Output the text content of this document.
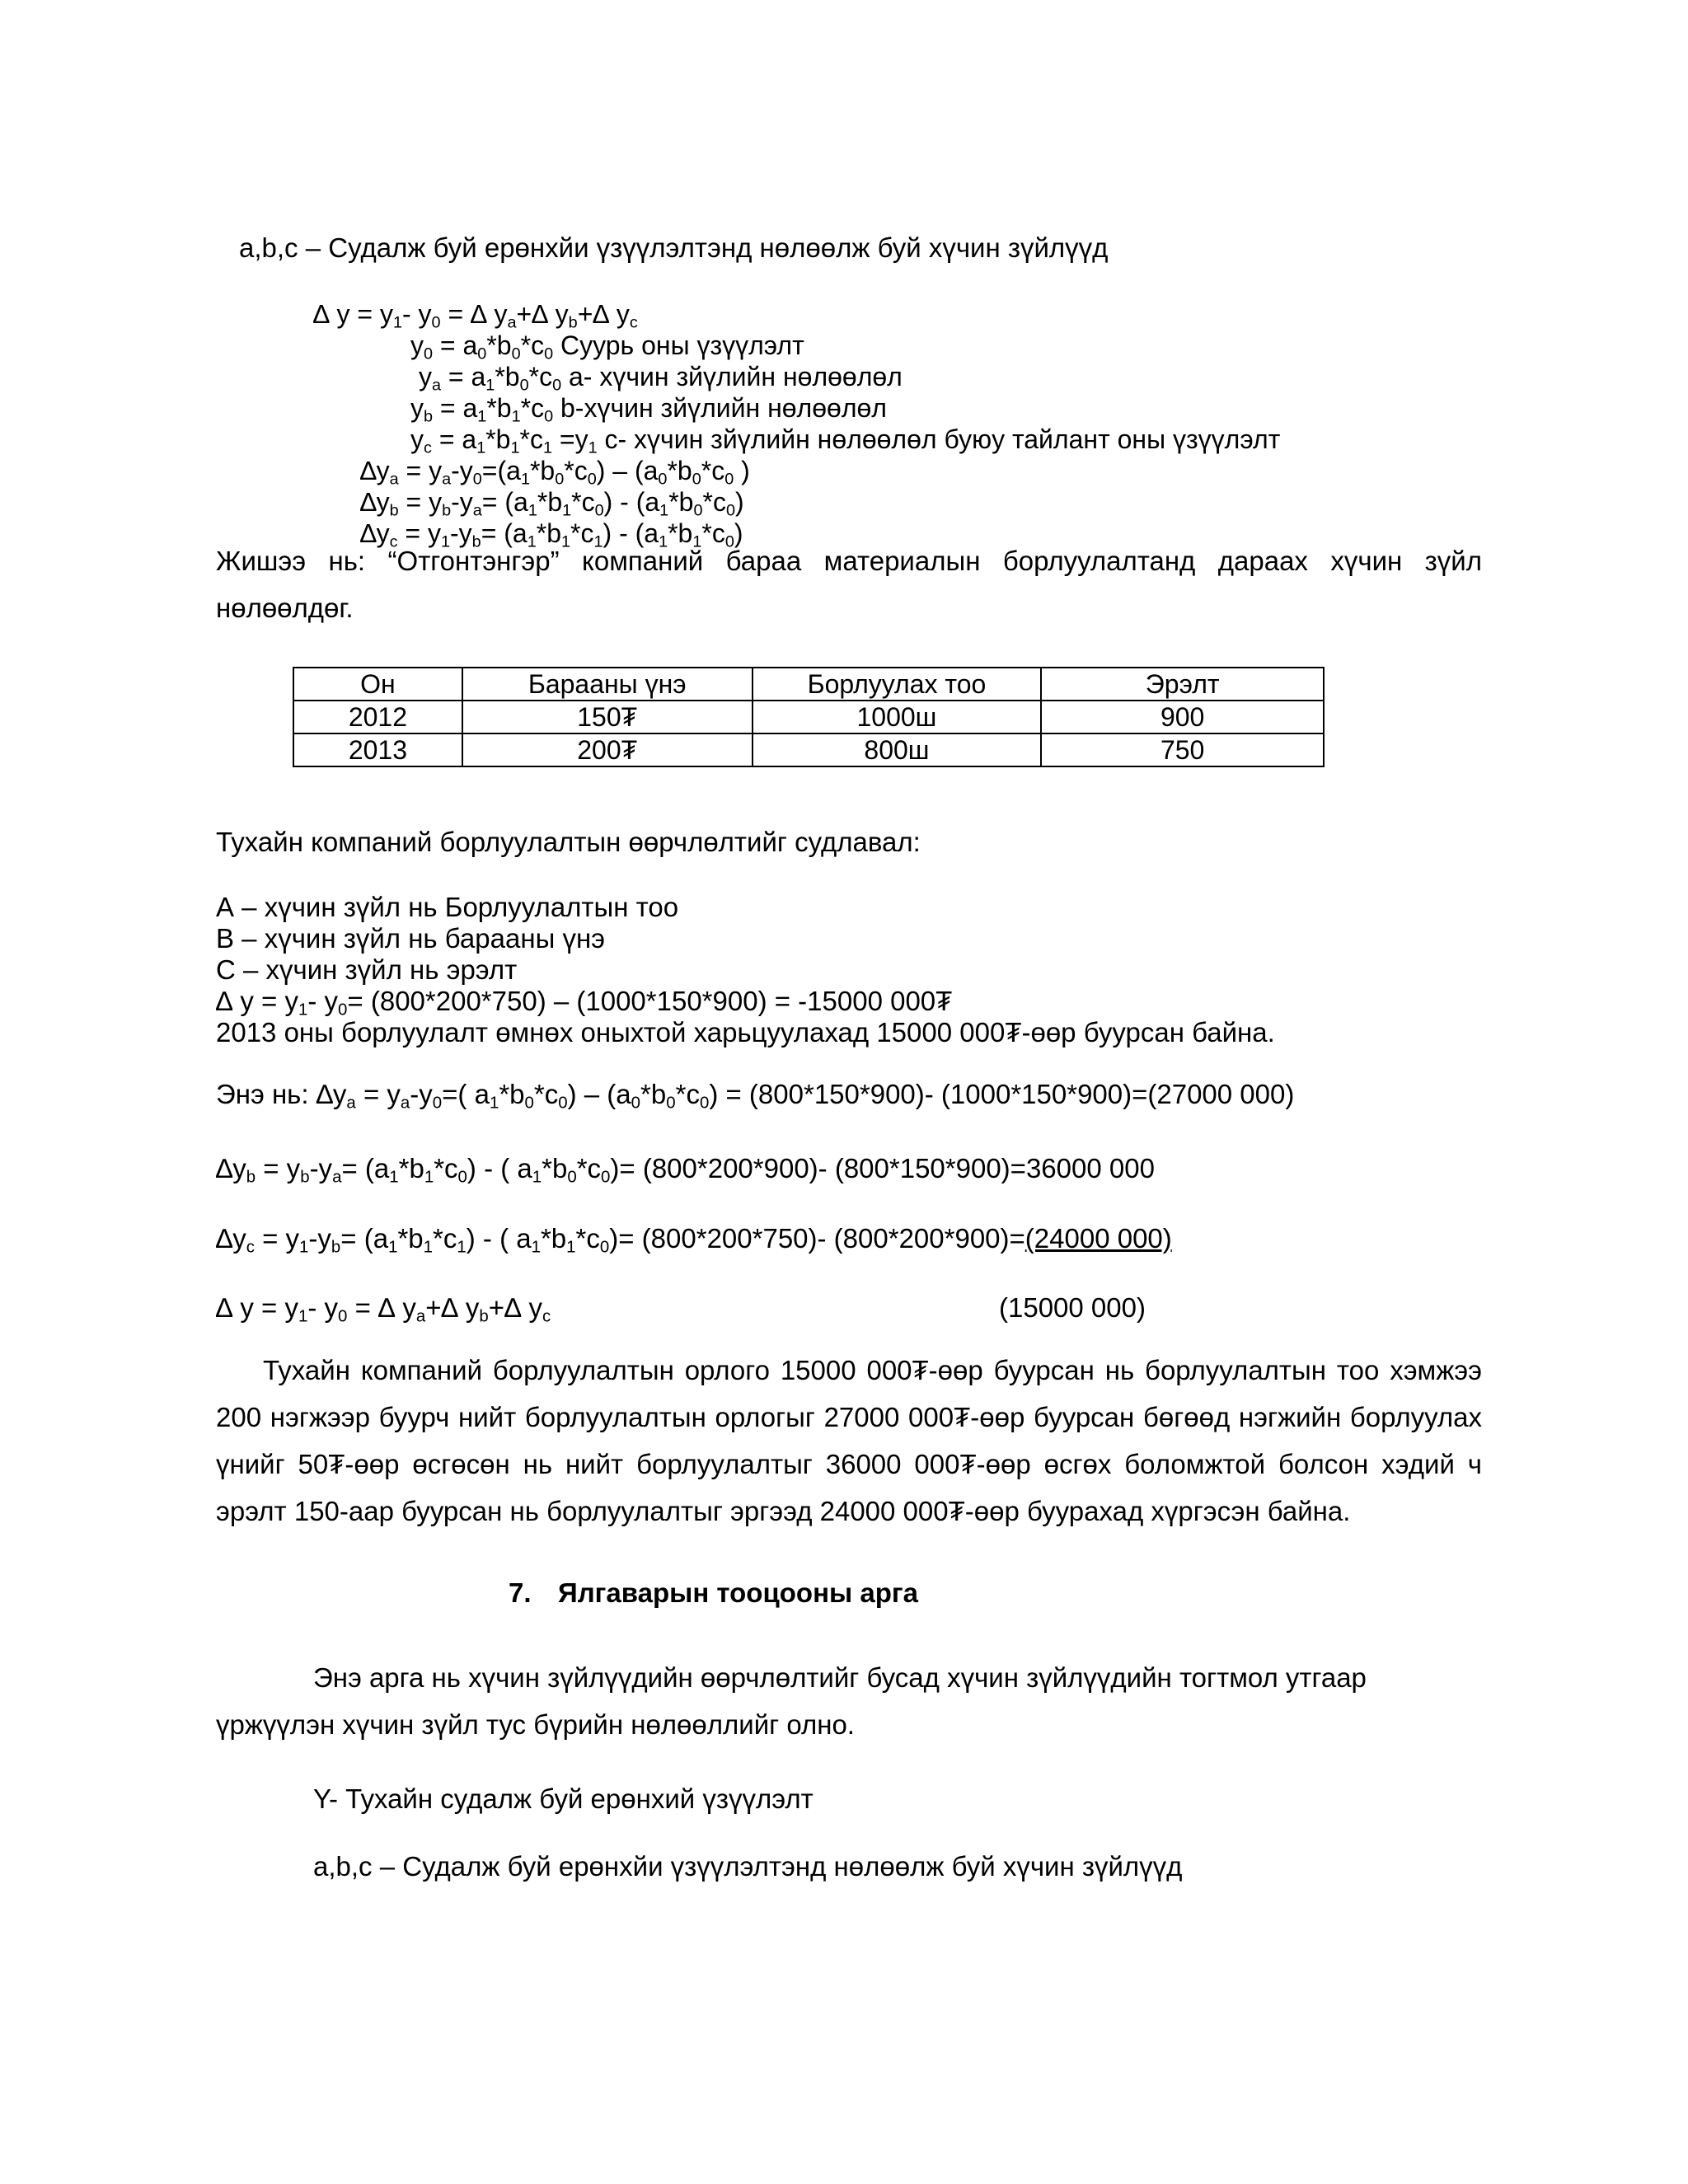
a,b,c – Судалж буй ерөнхйи үзүүлэлтэнд нөлөөлж буй хүчин зүйлүүд
∆ $y = y_1-$ $y_0$ = ∆ $y_a+\Delta$ $y_b+\Delta$ $y_c$
$y_0 = a_0*b_0*c_0$ Суурь оны үзүүлэлт
$y_a = a_1*b_0*c_0$ a- хүчин зйүлийн нөлөөлөл
$y_b = a_1*b_1*c_0$ b-хүчин зйүлийн нөлөөлөл
$y_c = a_1*b_1*c_1 =y_1$ c- хүчин зйүлийн нөлөөлөл буюу тайлант оны үзүүлэлт
$\Delta y_a = y_a-y_0=(a_1*b_0*c_0) - (a_0*b_0*c_0$ )
$\Delta y_b = y_b-y_a= (a_1*b_1*c_0) - (a_1*b_0*c_0)$
$\Delta y_c = y_1-y_b= (a_1*b_1*c_1) - (a_1*b_1*c_0)$
Жишээ нь: “Отгонтэнгэр” компаний бараа материалын борлуулалтанд дараах хүчин зүйл
нөлөөлдөг.
Он	Барааны үнэ	Борлуулах тоо	Эрэлт
2012	150₮	1000ш	900
2013	200₮	800ш	750
Тухайн компаний борлуулалтын өөрчлөлтийг судлавал:
А – хүчин зүйл нь Борлуулалтын тоо
В – хүчин зүйл нь барааны үнэ
С – хүчин зүйл нь эрэлт
∆ $y = y_1-$ $y_0= (800*200*750) - (1000*150*900) = -15000$ 000₮
2013 оны борлуулалт өмнөх оныхтой харьцуулахад 15000 000₮-өөр буурсан байна.
Энэ нь: $\Delta y_a = y_a-y_0=$( $a_1*b_0*c_0) - (a_0*b_0*c_0) = (800*150*900)-$ (1000*150*900)=(27000 000)
$\Delta y_b = y_b-y_a= (a_1*b_1*c_0)$ - ( $a_1*b_0*c_0)= (800*200*900)-$ (800*150*900)=36000 000
$\Delta y_c = y_1-y_b= (a_1*b_1*c_1)$ - ( $a_1*b_1*c_0)= (800*200*750)-$ (800*200*900)=(24000 000)
∆ $y = y_1-$ $y_0$ = ∆ $y_a+\Delta$ $y_b+\Delta$ $y_c$	(15000 000)
Тухайн компаний борлуулалтын орлого 15000 000₮-өөр буурсан нь борлуулалтын тоо хэмжээ
200 нэгжээр буурч нийт борлуулалтын орлогыг 27000 000₮-өөр буурсан бөгөөд нэгжийн борлуулах
үнийг 50₮-өөр өсгөсөн нь нийт борлуулалтыг 36000 000₮-өөр өсгөх боломжтой болсон хэдий ч
эрэлт 150-аар буурсан нь борлуулалтыг эргээд 24000 000₮-өөр буурахад хүргэсэн байна.
7. Ялгаварын тооцооны арга
Энэ арга нь хүчин зүйлүүдийн өөрчлөлтийг бусад хүчин зүйлүүдийн тогтмол утгаар
үржүүлэн хүчин зүйл тус бүрийн нөлөөллийг олно.
Y- Тухайн судалж буй ерөнхий үзүүлэлт
a,b,c – Судалж буй ерөнхйи үзүүлэлтэнд нөлөөлж буй хүчин зүйлүүд
